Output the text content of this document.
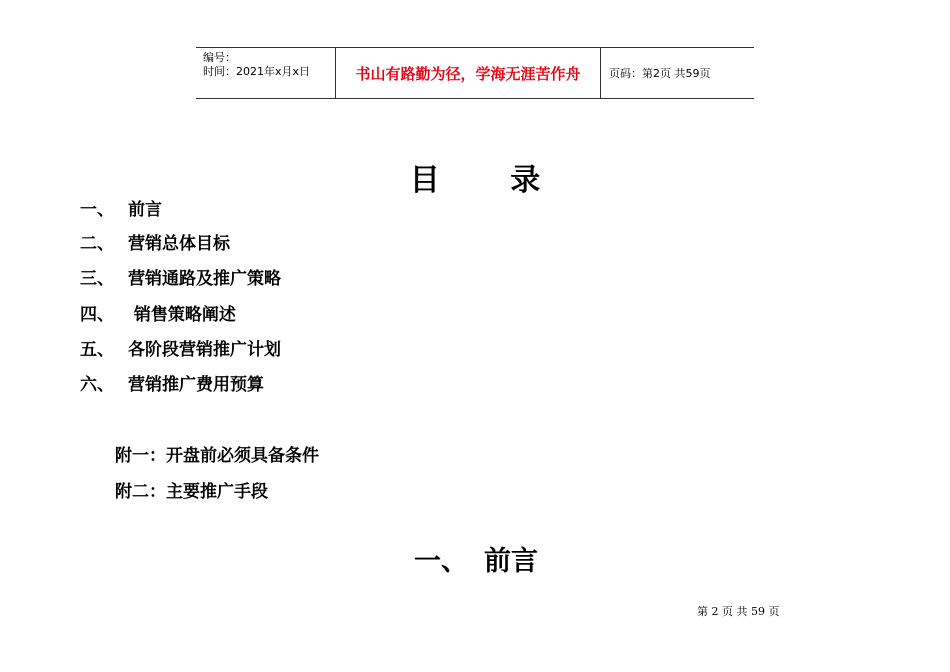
编号：
时间：2021年x月x日	书山有路勤为径，学海无涯苦作舟	页码：第2页 共59页
目 录
一、 前言
二、 营销总体目标
三、 营销通路及推广策略
四、 销售策略阐述
五、 各阶段营销推广计划
六、 营销推广费用预算
附一：开盘前必须具备条件
附二：主要推广手段
一、 前言
第 2 页 共 59 页
